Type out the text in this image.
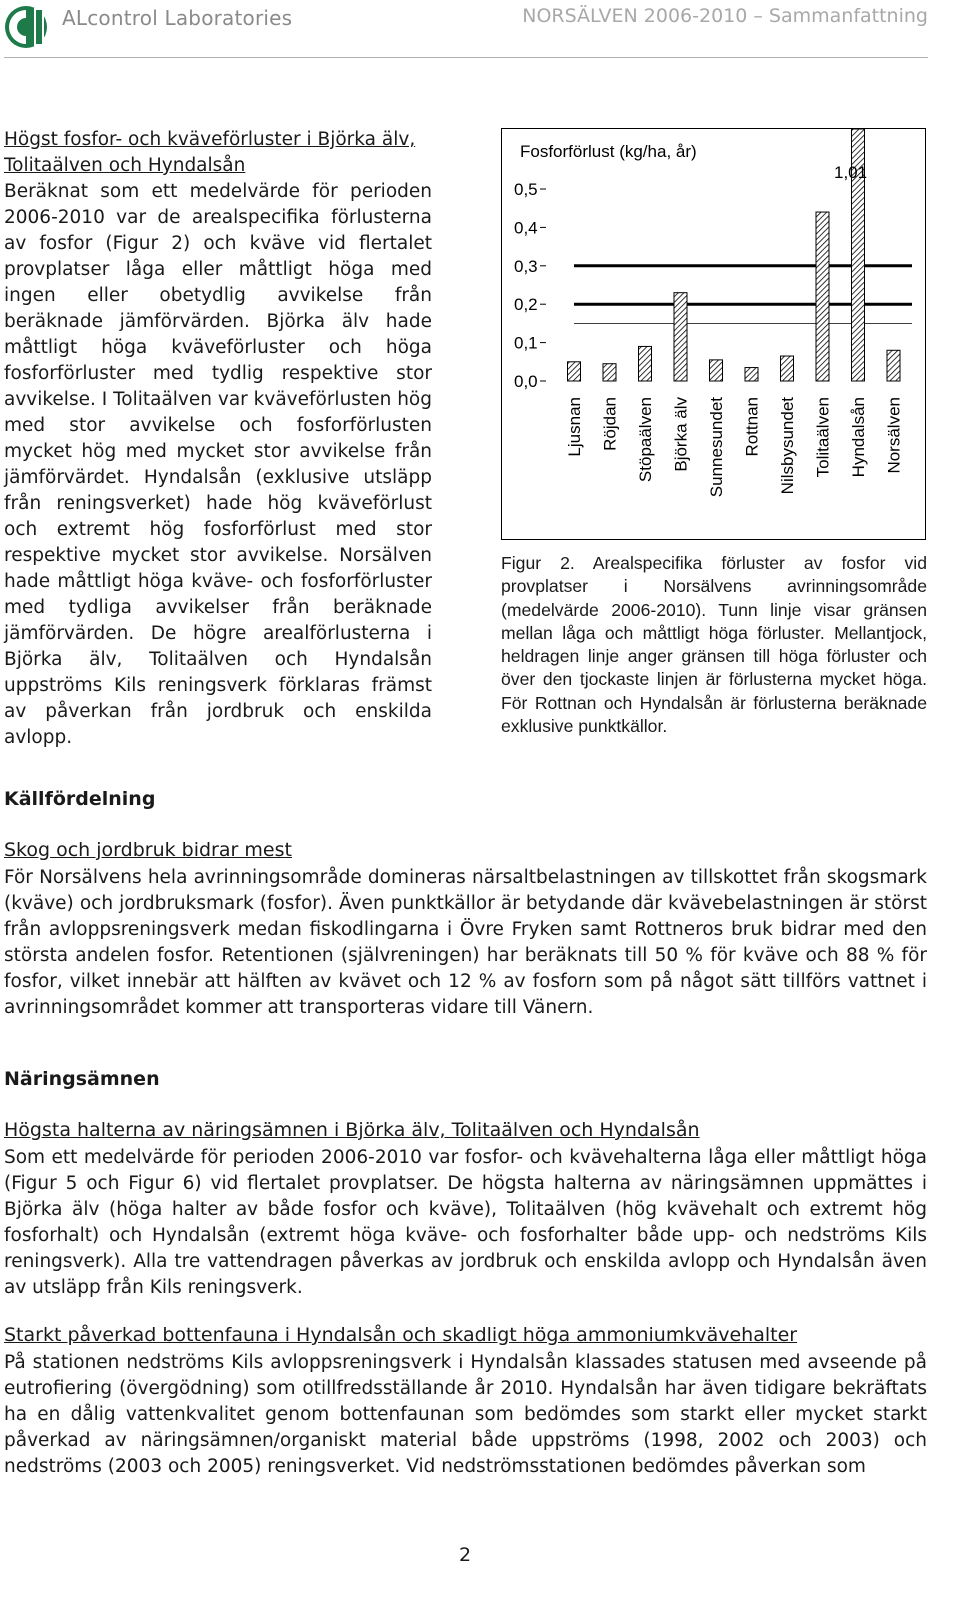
ALcontrol Laboratories	NORSÄLVEN 2006-2010 – Sammanfattning
Högst fosfor- och kväveförluster i Björka älv,
Tolitaälven och Hyndalsån

Beräknat som ett medelvärde för perioden 2006-2010 var de arealspecifika förlusterna av fosfor (Figur 2) och kväve vid flertalet provplatser låga eller måttligt höga med ingen eller obetydlig avvikelse från beräknade jämförvärden. Björka älv hade måttligt höga kväveförluster och höga fosforförluster med tydlig respektive stor avvikelse. I Tolitaälven var kväveförlusten hög med stor avvikelse och fosforförlusten mycket hög med mycket stor avvikelse från jämförvärdet. Hyndalsån (exklusive utsläpp från reningsverket) hade hög kväveförlust och extremt hög fosforförlust med stor respektive mycket stor avvikelse. Norsälven hade måttligt höga kväve- och fosforförluster med tydliga avvikelser från beräknade jämförvärden. De högre arealförlusterna i Björka älv, Tolitaälven och Hyndalsån uppströms Kils reningsverk förklaras främst av påverkan från jordbruk och enskilda avlopp.

Fosforförlust (kg/ha, år)
0,0
0,1
0,2
0,3
0,4
0,5
Ljusnan Röjdan Stöpaälven Björka älv Sunnesundet Rottnan Nilsbysundet Tolitaälven Hyndalsån Norsälven
1,01

Figur 2. Arealspecifika förluster av fosfor vid provplatser i Norsälvens avrinningsområde (medelvärde 2006-2010). Tunn linje visar gränsen mellan låga och måttligt höga förluster. Mellantjock, heldragen linje anger gränsen till höga förluster och över den tjockaste linjen är förlusterna mycket höga. För Rottnan och Hyndalsån är förlusterna beräknade exklusive punktkällor.

Källfördelning
Skog och jordbruk bidrar mest

För Norsälvens hela avrinningsområde domineras närsaltbelastningen av tillskottet från skogsmark (kväve) och jordbruksmark (fosfor). Även punktkällor är betydande där kvävebelastningen är störst från avloppsreningsverk medan fiskodlingarna i Övre Fryken samt Rottneros bruk bidrar med den största andelen fosfor. Retentionen (självreningen) har beräknats till 50 % för kväve och 88 % för fosfor, vilket innebär att hälften av kvävet och 12 % av fosforn som på något sätt tillförs vattnet i avrinningsområdet kommer att transporteras vidare till Vänern.

Näringsämnen
Högsta halterna av näringsämnen i Björka älv, Tolitaälven och Hyndalsån

Som ett medelvärde för perioden 2006-2010 var fosfor- och kvävehalterna låga eller måttligt höga (Figur 5 och Figur 6) vid flertalet provplatser. De högsta halterna av näringsämnen uppmättes i Björka älv (höga halter av både fosfor och kväve), Tolitaälven (hög kvävehalt och extremt hög fosforhalt) och Hyndalsån (extremt höga kväve- och fosforhalter både upp- och nedströms Kils reningsverk). Alla tre vattendragen påverkas av jordbruk och enskilda avlopp och Hyndalsån även av utsläpp från Kils reningsverk.

Starkt påverkad bottenfauna i Hyndalsån och skadligt höga ammoniumkvävehalter

På stationen nedströms Kils avloppsreningsverk i Hyndalsån klassades statusen med avseende på eutrofiering (övergödning) som otillfredsställande år 2010. Hyndalsån har även tidigare bekräftats ha en dålig vattenkvalitet genom bottenfaunan som bedömdes som starkt eller mycket starkt påverkad av näringsämnen/organiskt material både uppströms (1998, 2002 och 2003) och nedströms (2003 och 2005) reningsverket. Vid nedströmsstationen bedömdes påverkan som

2
